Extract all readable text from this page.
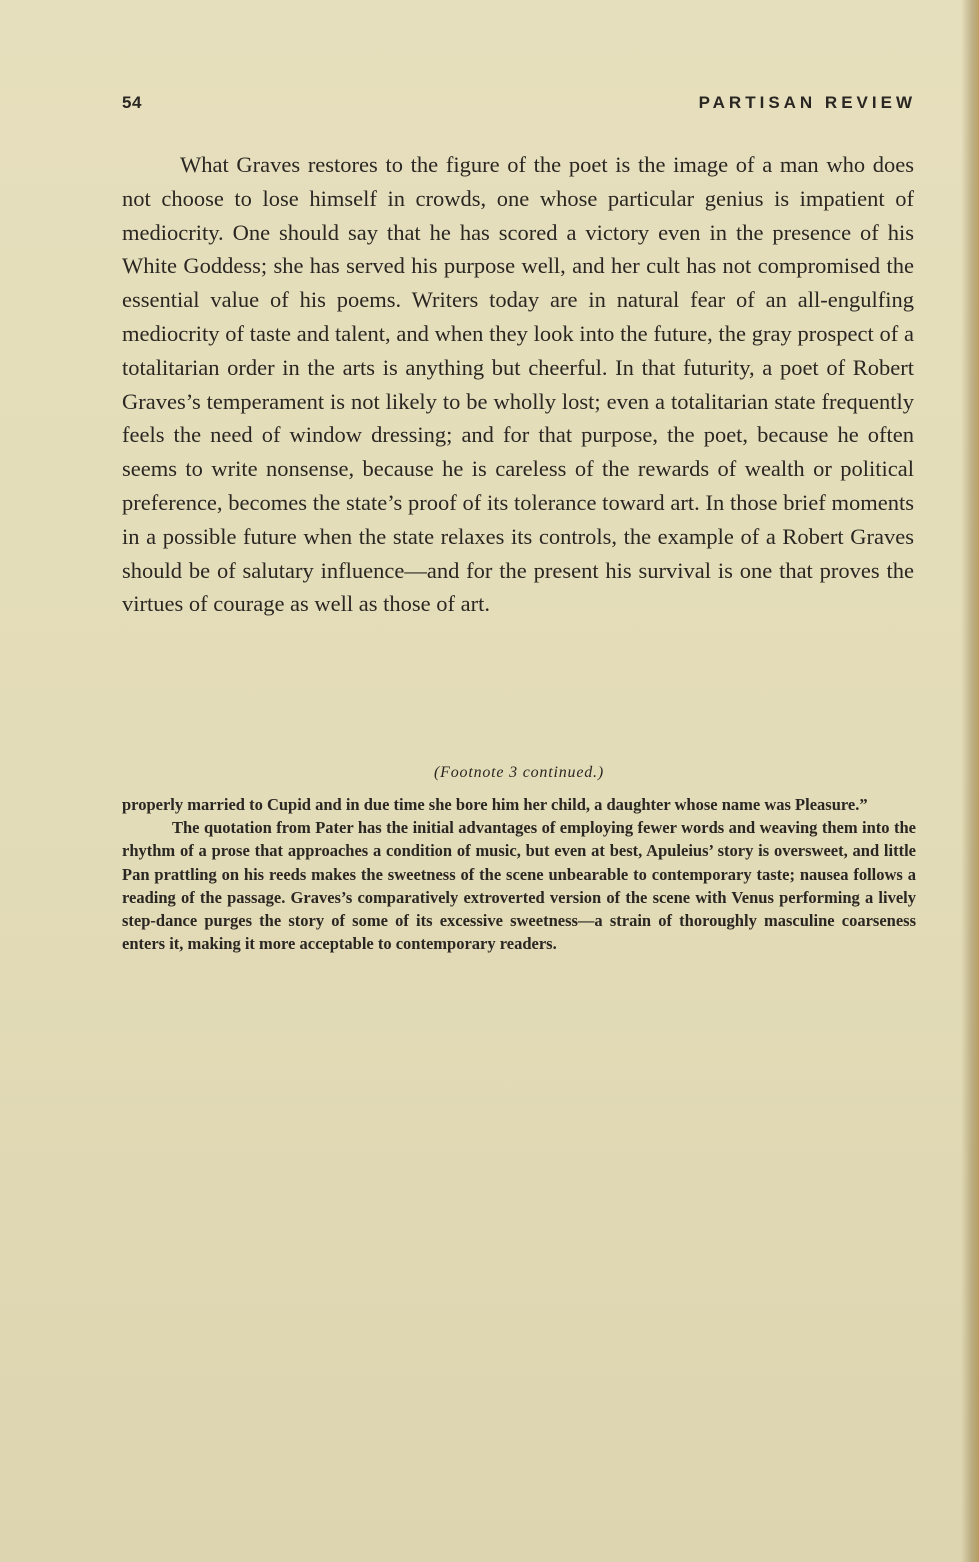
54	PARTISAN REVIEW

What Graves restores to the figure of the poet is the image of a man who does not choose to lose himself in crowds, one whose particular genius is impatient of mediocrity. One should say that he has scored a victory even in the presence of his White Goddess; she has served his purpose well, and her cult has not compromised the essential value of his poems. Writers today are in natural fear of an all-engulfing mediocrity of taste and talent, and when they look into the future, the gray prospect of a totalitarian order in the arts is anything but cheerful. In that futurity, a poet of Robert Graves’s temperament is not likely to be wholly lost; even a totalitarian state frequently feels the need of window dressing; and for that purpose, the poet, because he often seems to write nonsense, because he is careless of the rewards of wealth or political preference, becomes the state’s proof of its tolerance toward art. In those brief moments in a possible future when the state relaxes its controls, the example of a Robert Graves should be of salutary influence—and for the present his survival is one that proves the virtues of courage as well as those of art.

(Footnote 3 continued.)

properly married to Cupid and in due time she bore him her child, a daughter whose name was Pleasure.”

The quotation from Pater has the initial advantages of employing fewer words and weaving them into the rhythm of a prose that approaches a condition of music, but even at best, Apuleius’ story is oversweet, and little Pan prattling on his reeds makes the sweetness of the scene unbearable to contemporary taste; nausea follows a reading of the passage. Graves’s comparatively extroverted version of the scene with Venus performing a lively step-dance purges the story of some of its excessive sweetness—a strain of thoroughly masculine coarseness enters it, making it more acceptable to contemporary readers.
